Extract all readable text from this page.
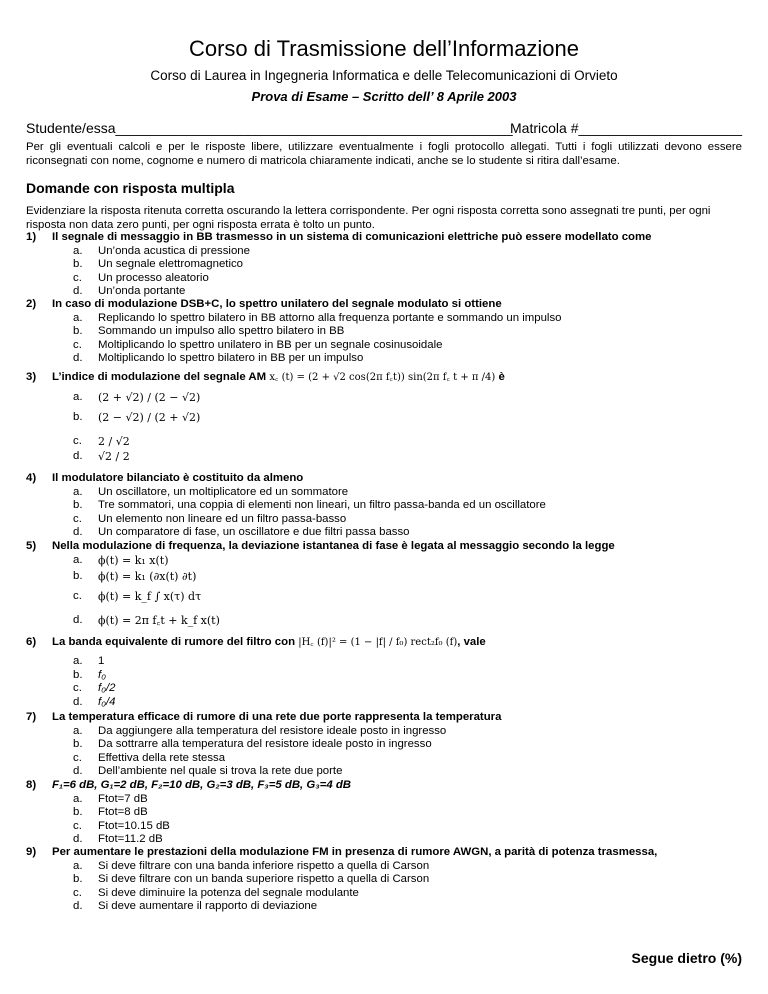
Corso di Trasmissione dell’Informazione
Corso di Laurea in Ingegneria Informatica e delle Telecomunicazioni di Orvieto
Prova di Esame – Scritto dell’ 8 Aprile 2003
Studente/essa___________________________________________________
Matricola #_____________________
Per gli eventuali calcoli e per le risposte libere, utilizzare eventualmente i fogli protocollo allegati. Tutti i fogli utilizzati devono essere riconsegnati con nome, cognome e numero di matricola chiaramente indicati, anche se lo studente si ritira dall’esame.
Domande con risposta multipla
Evidenziare la risposta ritenuta corretta oscurando la lettera corrispondente. Per ogni risposta corretta sono assegnati tre punti, per ogni risposta non data zero punti, per ogni risposta errata è tolto un punto.
1) Il segnale di messaggio in BB trasmesso in un sistema di comunicazioni elettriche può essere modellato come
a.	Un’onda acustica di pressione
b.	Un segnale elettromagnetico
c.	Un processo aleatorio
d.	Un’onda portante
2) In caso di modulazione DSB+C, lo spettro unilatero del segnale modulato si ottiene
a.	Replicando lo spettro bilatero in BB attorno alla frequenza portante e sommando un impulso
b.	Sommando un impulso allo spettro bilatero in BB
c.	Moltiplicando lo spettro unilatero in BB per un segnale cosinusoidale
d.	Moltiplicando lo spettro bilatero in BB per un impulso
3) L’indice di modulazione del segnale AM x꜀ (t) = (2 + √2 cos(2π f꜀t)) sin(2π f꜀ t + π /4) è
a.	(2 + √2) / (2 − √2)
b.	(2 − √2) / (2 + √2)
c.	2 / √2
d.	√2 / 2
4) Il modulatore bilanciato è costituito da almeno
a.	Un oscillatore, un moltiplicatore ed un sommatore
b.	Tre sommatori, una coppia di elementi non lineari, un filtro passa-banda ed un oscillatore
c.	Un elemento non lineare ed un filtro passa-basso
d.	Un comparatore di fase, un oscillatore e due filtri passa basso
5) Nella modulazione di frequenza, la deviazione istantanea di fase è legata al messaggio secondo la legge
a.	ϕ(t) = k₁ x(t)
b.	ϕ(t) = k₁ (∂x(t) ∂t)
c.	ϕ(t) = k_f ∫ x(τ) dτ
d.	ϕ(t) = 2π f꜀t + k_f x(t)
6) La banda equivalente di rumore del filtro con |H꜀ (f)|² = (1 − |f| / f₀) rect₂f₀ (f), vale
a.	1
b.	f₀
c.	f₀/2
d.	f₀/4
7) La temperatura efficace di rumore di una rete due porte rappresenta la temperatura
a.	Da aggiungere alla temperatura del resistore ideale posto in ingresso
b.	Da sottrarre alla temperatura del resistore ideale posto in ingresso
c.	Effettiva della rete stessa
d.	Dell’ambiente nel quale si trova la rete due porte
8) F₁=6 dB, G₁=2 dB, F₂=10 dB, G₂=3 dB, F₃=5 dB, G₃=4 dB
a.	Ftot=7 dB
b.	Ftot=8 dB
c.	Ftot=10.15 dB
d.	Ftot=11.2 dB
9) Per aumentare le prestazioni della modulazione FM in presenza di rumore AWGN, a parità di potenza trasmessa,
a.	Si deve filtrare con una banda inferiore rispetto a quella di Carson
b.	Si deve filtrare con un banda superiore rispetto a quella di Carson
c.	Si deve diminuire la potenza del segnale modulante
d.	Si deve aumentare il rapporto di deviazione
Segue dietro (%)
